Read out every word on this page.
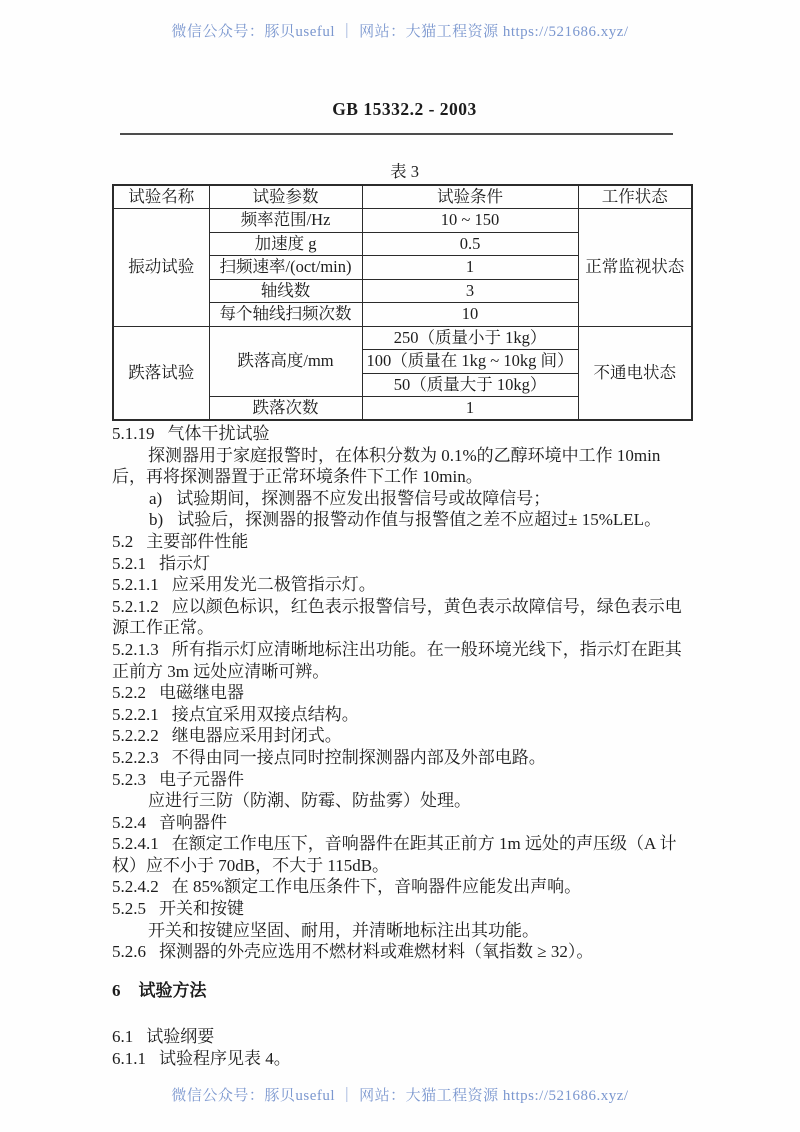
微信公众号：豚贝useful ｜ 网站：大猫工程资源 https://521686.xyz/
GB 15332.2 - 2003
表 3
试验名称	试验参数	试验条件	工作状态
振动试验	频率范围/Hz	10 ~ 150	正常监视状态
	加速度 g	0.5	
	扫频速率/(oct/min)	1	
	轴线数	3	
	每个轴线扫频次数	10	
跌落试验	跌落高度/mm	250（质量小于 1kg）	不通电状态
		100（质量在 1kg ~ 10kg 间）	
		50（质量大于 10kg）	
	跌落次数	1	

5.1.19 气体干扰试验

探测器用于家庭报警时，在体积分数为 0.1%的乙醇环境中工作 10min 后，再将探测器置于正常环境条件下工作 10min。

a) 试验期间，探测器不应发出报警信号或故障信号；

b) 试验后，探测器的报警动作值与报警值之差不应超过± 15%LEL。

5.2 主要部件性能

5.2.1 指示灯

5.2.1.1 应采用发光二极管指示灯。

5.2.1.2 应以颜色标识，红色表示报警信号，黄色表示故障信号，绿色表示电源工作正常。

5.2.1.3 所有指示灯应清晰地标注出功能。在一般环境光线下，指示灯在距其正前方 3m 远处应清晰可辨。

5.2.2 电磁继电器

5.2.2.1 接点宜采用双接点结构。

5.2.2.2 继电器应采用封闭式。

5.2.2.3 不得由同一接点同时控制探测器内部及外部电路。

5.2.3 电子元器件

应进行三防（防潮、防霉、防盐雾）处理。

5.2.4 音响器件

5.2.4.1 在额定工作电压下，音响器件在距其正前方 1m 远处的声压级（A 计权）应不小于 70dB，不大于 115dB。

5.2.4.2 在 85%额定工作电压条件下，音响器件应能发出声响。

5.2.5 开关和按键

开关和按键应坚固、耐用，并清晰地标注出其功能。

5.2.6 探测器的外壳应选用不燃材料或难燃材料（氧指数 ≥ 32）。

6 试验方法

6.1 试验纲要

6.1.1 试验程序见表 4。

微信公众号：豚贝useful ｜ 网站：大猫工程资源 https://521686.xyz/
